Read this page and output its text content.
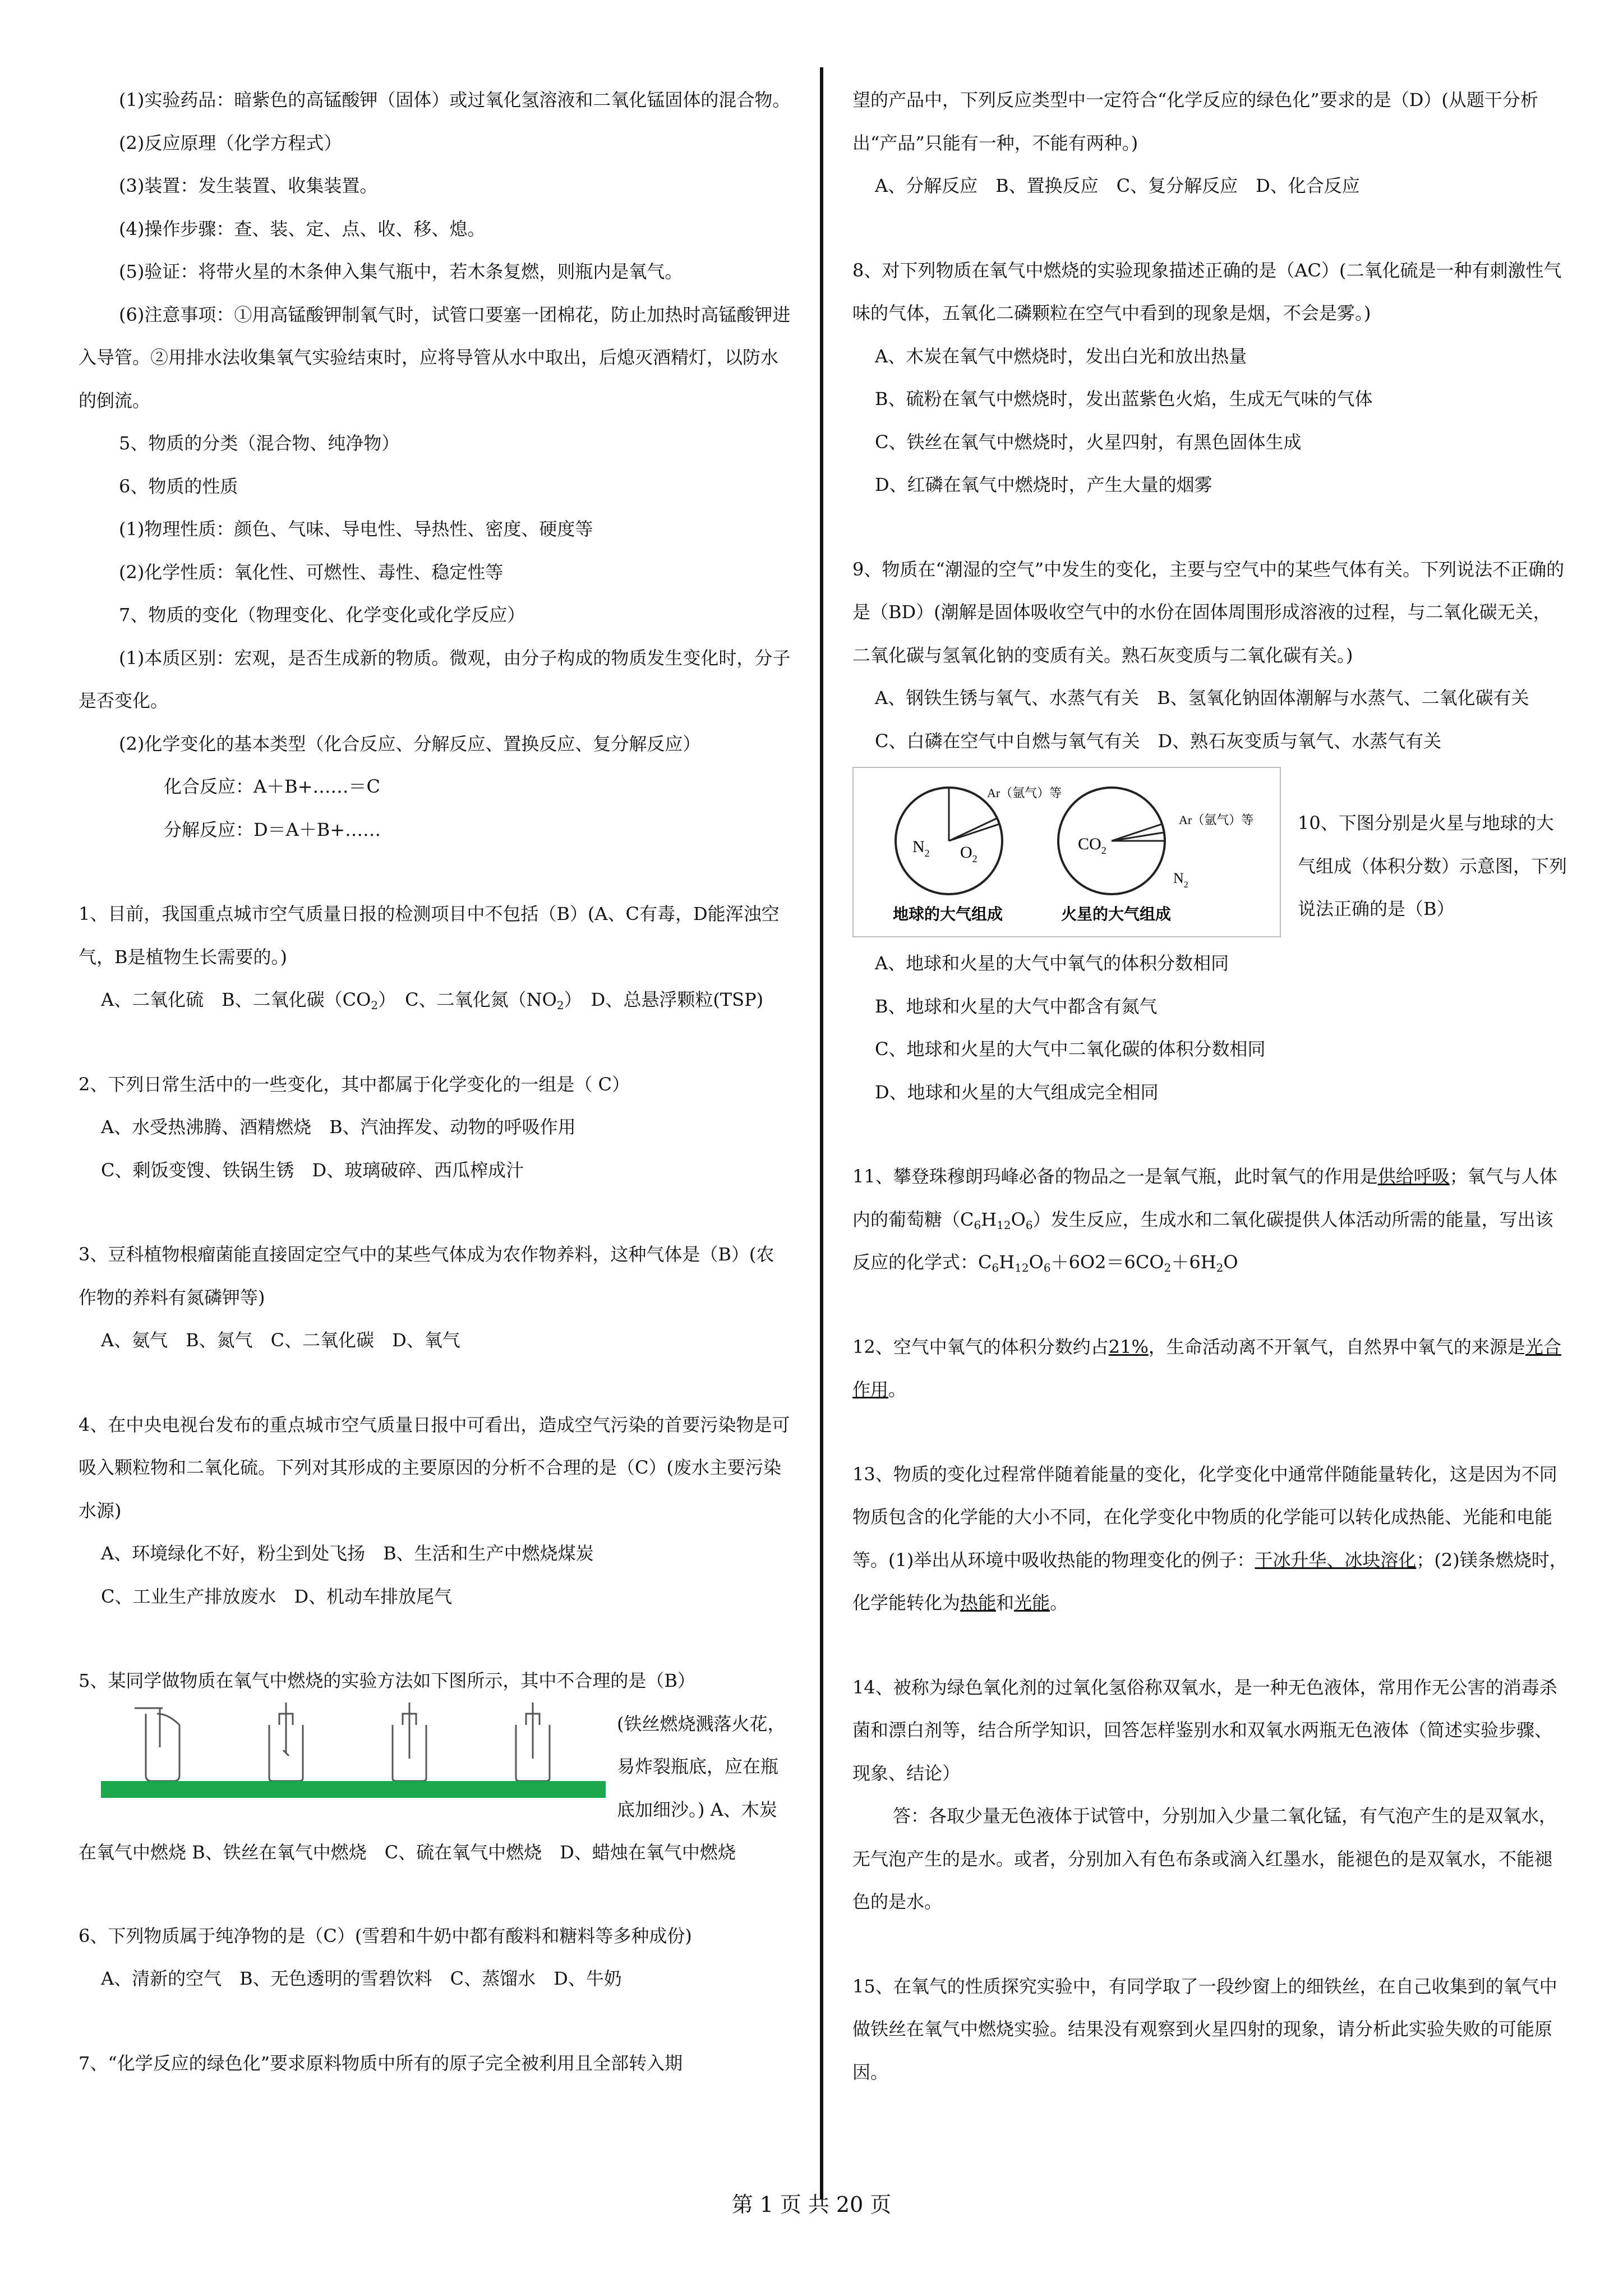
(1)实验药品：暗紫色的高锰酸钾（固体）或过氧化氢溶液和二氧化锰固体的混合物。

(2)反应原理（化学方程式）

(3)装置：发生装置、收集装置。

(4)操作步骤：查、装、定、点、收、移、熄。

(5)验证：将带火星的木条伸入集气瓶中，若木条复燃，则瓶内是氧气。

(6)注意事项：①用高锰酸钾制氧气时，试管口要塞一团棉花，防止加热时高锰酸钾进入导管。②用排水法收集氧气实验结束时，应将导管从水中取出，后熄灭酒精灯，以防水的倒流。

5、物质的分类（混合物、纯净物）

6、物质的性质

(1)物理性质：颜色、气味、导电性、导热性、密度、硬度等

(2)化学性质：氧化性、可燃性、毒性、稳定性等

7、物质的变化（物理变化、化学变化或化学反应）

(1)本质区别：宏观，是否生成新的物质。微观，由分子构成的物质发生变化时，分子是否变化。

(2)化学变化的基本类型（化合反应、分解反应、置换反应、复分解反应）

化合反应：A＋B+……＝C

分解反应：D＝A＋B+……

1、目前，我国重点城市空气质量日报的检测项目中不包括（B）(A、C有毒，D能浑浊空气，B是植物生长需要的。)

A、二氧化硫　 B、二氧化碳$(CO_2)$　 C、二氧化氮$(NO_2)$　 D、总悬浮颗粒(TSP)

2、下列日常生活中的一些变化，其中都属于化学变化的一组是（ C）

A、水受热沸腾、酒精燃烧　B、汽油挥发、动物的呼吸作用

C、剩饭变馊、铁锅生锈　D、玻璃破碎、西瓜榨成汁

3、豆科植物根瘤菌能直接固定空气中的某些气体成为农作物养料，这种气体是（B）(农作物的养料有氮磷钾等)

A、氨气　B、氮气　C、二氧化碳　D、氧气

4、在中央电视台发布的重点城市空气质量日报中可看出，造成空气污染的首要污染物是可吸入颗粒物和二氧化硫。下列对其形成的主要原因的分析不合理的是（C）(废水主要污染水源)

A、环境绿化不好，粉尘到处飞扬　B、生活和生产中燃烧煤炭

C、工业生产排放废水　D、机动车排放尾气

5、某同学做物质在氧气中燃烧的实验方法如下图所示，其中不合理的是（B）

(铁丝燃烧溅落火花，易炸裂瓶底，应在瓶底加细沙。) A、木炭在氧气中燃烧 B、铁丝在氧气中燃烧　C、硫在氧气中燃烧　D、蜡烛在氧气中燃烧

6、下列物质属于纯净物的是（C）(雪碧和牛奶中都有酸料和糖料等多种成份)

A、清新的空气　B、无色透明的雪碧饮料　C、蒸馏水　D、牛奶

7、“化学反应的绿色化”要求原料物质中所有的原子完全被利用且全部转入期

望的产品中，下列反应类型中一定符合“化学反应的绿色化”要求的是（D）(从题干分析出“产品”只能有一种，不能有两种。)

A、分解反应　B、置换反应　C、复分解反应　D、化合反应

8、对下列物质在氧气中燃烧的实验现象描述正确的是（AC）(二氧化硫是一种有刺激性气味的气体，五氧化二磷颗粒在空气中看到的现象是烟，不会是雾。)

A、木炭在氧气中燃烧时，发出白光和放出热量

B、硫粉在氧气中燃烧时，发出蓝紫色火焰，生成无气味的气体

C、铁丝在氧气中燃烧时，火星四射，有黑色固体生成

D、红磷在氧气中燃烧时，产生大量的烟雾

9、物质在“潮湿的空气”中发生的变化，主要与空气中的某些气体有关。下列说法不正确的是（BD）(潮解是固体吸收空气中的水份在固体周围形成溶液的过程，与二氧化碳无关，二氧化碳与氢氧化钠的变质有关。熟石灰变质与二氧化碳有关。)

A、钢铁生锈与氧气、水蒸气有关　B、氢氧化钠固体潮解与水蒸气、二氧化碳有关

C、白磷在空气中自燃与氧气有关　D、熟石灰变质与氧气、水蒸气有关

$N_2$ $O_2$
Ar（氩气）等
$CO_2$
Ar（氩气）等
$N_2$
地球的大气组成	火星的大气组成

10、下图分别是火星与地球的大气组成（体积分数）示意图，下列说法正确的是（B）

A、地球和火星的大气中氧气的体积分数相同

B、地球和火星的大气中都含有氮气

C、地球和火星的大气中二氧化碳的体积分数相同

D、地球和火星的大气组成完全相同

11、攀登珠穆朗玛峰必备的物品之一是氧气瓶，此时氧气的作用是供给呼吸；氧气与人体内的葡萄糖$(C_6H_{12}O_6)$发生反应，生成水和二氧化碳提供人体活动所需的能量，写出该反应的化学式：$C_6H_{12}O_6+6O2=6CO_2+6H_2O$

12、空气中氧气的体积分数约占21%，生命活动离不开氧气，自然界中氧气的来源是光合作用。

13、物质的变化过程常伴随着能量的变化，化学变化中通常伴随能量转化，这是因为不同物质包含的化学能的大小不同，在化学变化中物质的化学能可以转化成热能、光能和电能等。(1)举出从环境中吸收热能的物理变化的例子：干冰升华、冰块溶化；(2)镁条燃烧时，化学能转化为热能和光能。

14、被称为绿色氧化剂的过氧化氢俗称双氧水，是一种无色液体，常用作无公害的消毒杀菌和漂白剂等，结合所学知识，回答怎样鉴别水和双氧水两瓶无色液体（简述实验步骤、现象、结论）

答：各取少量无色液体于试管中，分别加入少量二氧化锰，有气泡产生的是双氧水，无气泡产生的是水。或者，分别加入有色布条或滴入红墨水，能褪色的是双氧水，不能褪色的是水。

15、在氧气的性质探究实验中，有同学取了一段纱窗上的细铁丝，在自己收集到的氧气中做铁丝在氧气中燃烧实验。结果没有观察到火星四射的现象，请分析此实验失败的可能原因。

第 1 页 共 20 页
